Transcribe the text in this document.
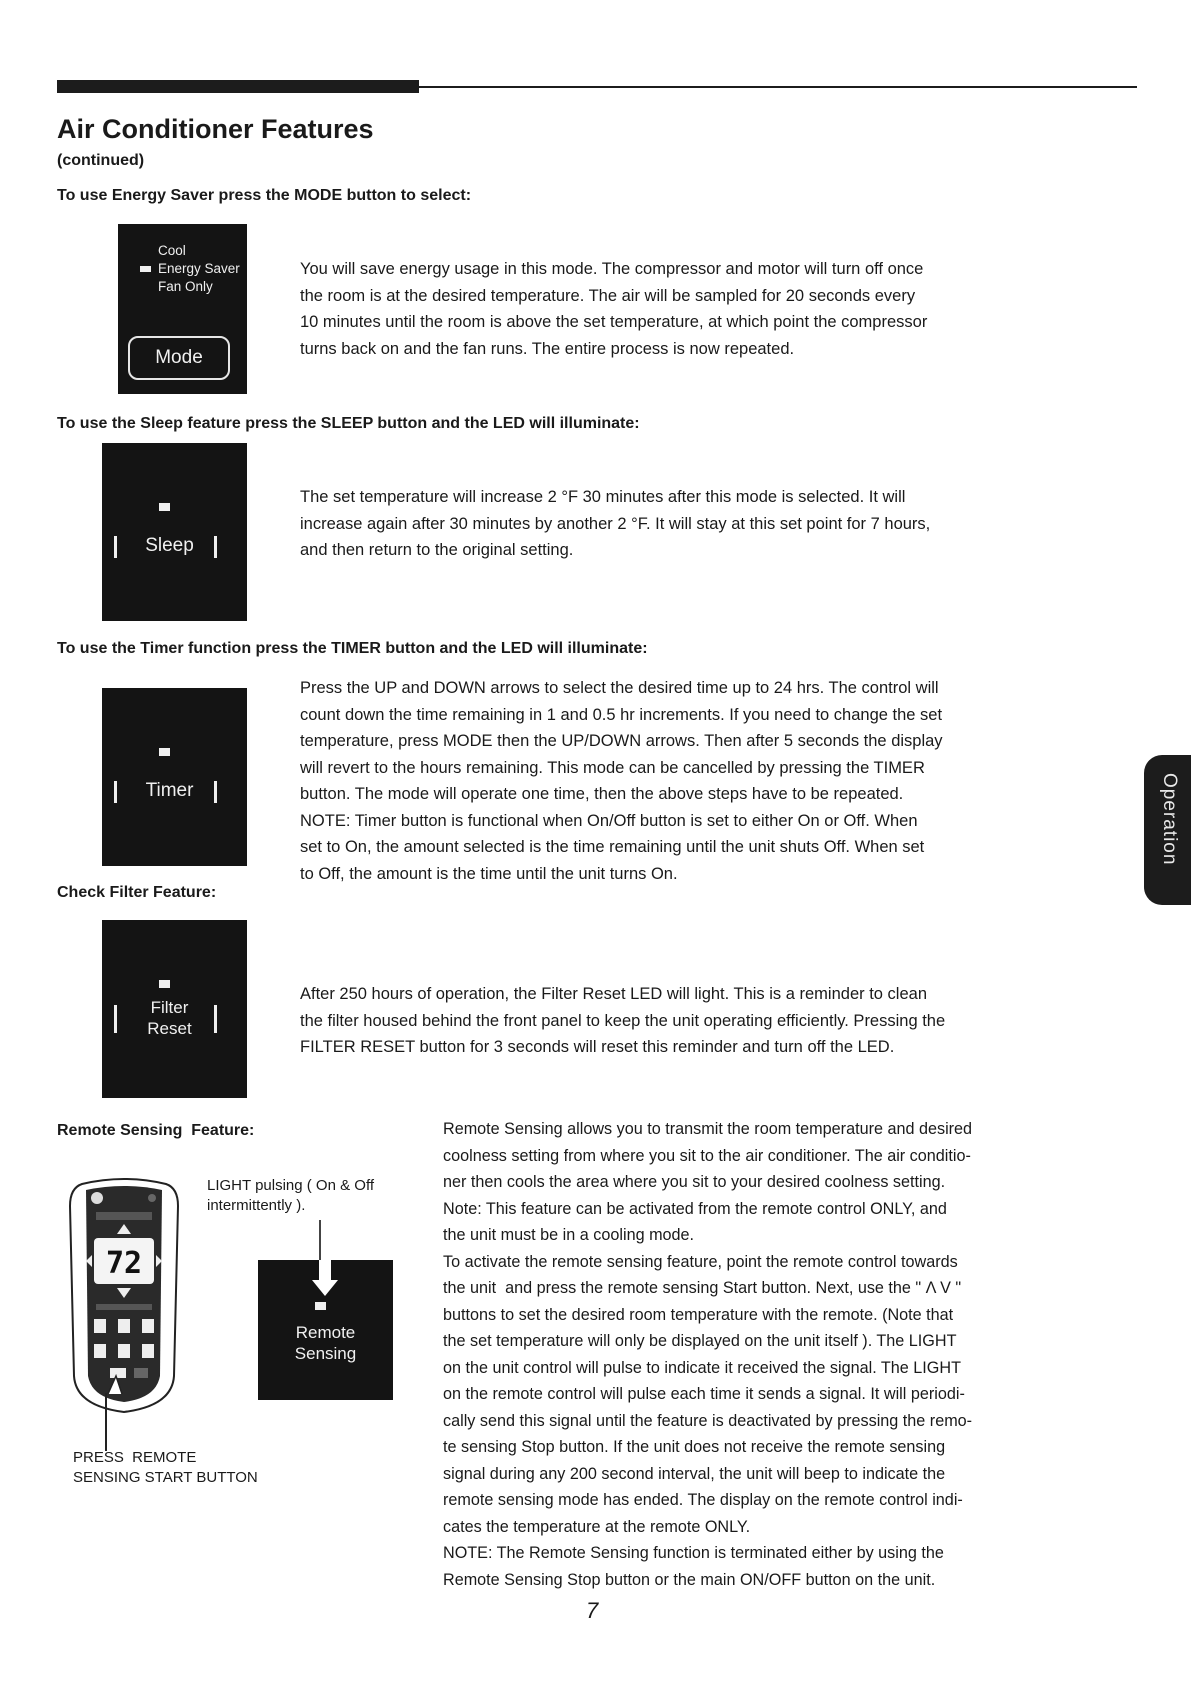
Air Conditioner Features
(continued)
To use Energy Saver press the MODE button to select:
Cool
Energy Saver
Fan Only
Mode
You will save energy usage in this mode. The compressor and motor will turn off once
the room is at the desired temperature. The air will be sampled for 20 seconds every
10 minutes until the room is above the set temperature, at which point the compressor
turns back on and the fan runs. The entire process is now repeated.
To use the Sleep feature press the SLEEP button and the LED will illuminate:
Sleep
The set temperature will increase 2 °F 30 minutes after this mode is selected. It will
increase again after 30 minutes by another 2 °F. It will stay at this set point for 7 hours,
and then return to the original setting.
To use the Timer function press the TIMER button and the LED will illuminate:
Timer
Press the UP and DOWN arrows to select the desired time up to 24 hrs. The control will
count down the time remaining in 1 and 0.5 hr increments. If you need to change the set
temperature, press MODE then the UP/DOWN arrows. Then after 5 seconds the display
will revert to the hours remaining. This mode can be cancelled by pressing the TIMER
button. The mode will operate one time, then the above steps have to be repeated.
NOTE: Timer button is functional when On/Off button is set to either On or Off. When
set to On, the amount selected is the time remaining until the unit shuts Off. When set
to Off, the amount is the time until the unit turns On.
Check Filter Feature:
Filter
Reset
After 250 hours of operation, the Filter Reset LED will light. This is a reminder to clean
the filter housed behind the front panel to keep the unit operating efficiently. Pressing the
FILTER RESET button for 3 seconds will reset this reminder and turn off the LED.
Remote Sensing  Feature:
LIGHT pulsing ( On & Off
intermittently ).
72
PRESS  REMOTE
SENSING START BUTTON
Remote
Sensing
Remote Sensing allows you to transmit the room temperature and desired
coolness setting from where you sit to the air conditioner. The air conditio-
ner then cools the area where you sit to your desired coolness setting.
Note: This feature can be activated from the remote control ONLY, and
the unit must be in a cooling mode.
To activate the remote sensing feature, point the remote control towards
the unit  and press the remote sensing Start button. Next, use the " Λ V "
buttons to set the desired room temperature with the remote. (Note that
the set temperature will only be displayed on the unit itself ). The LIGHT
on the unit control will pulse to indicate it received the signal. The LIGHT
on the remote control will pulse each time it sends a signal. It will periodi-
cally send this signal until the feature is deactivated by pressing the remo-
te sensing Stop button. If the unit does not receive the remote sensing
signal during any 200 second interval, the unit will beep to indicate the
remote sensing mode has ended. The display on the remote control indi-
cates the temperature at the remote ONLY.
NOTE: The Remote Sensing function is terminated either by using the
Remote Sensing Stop button or the main ON/OFF button on the unit.
Operation
7
